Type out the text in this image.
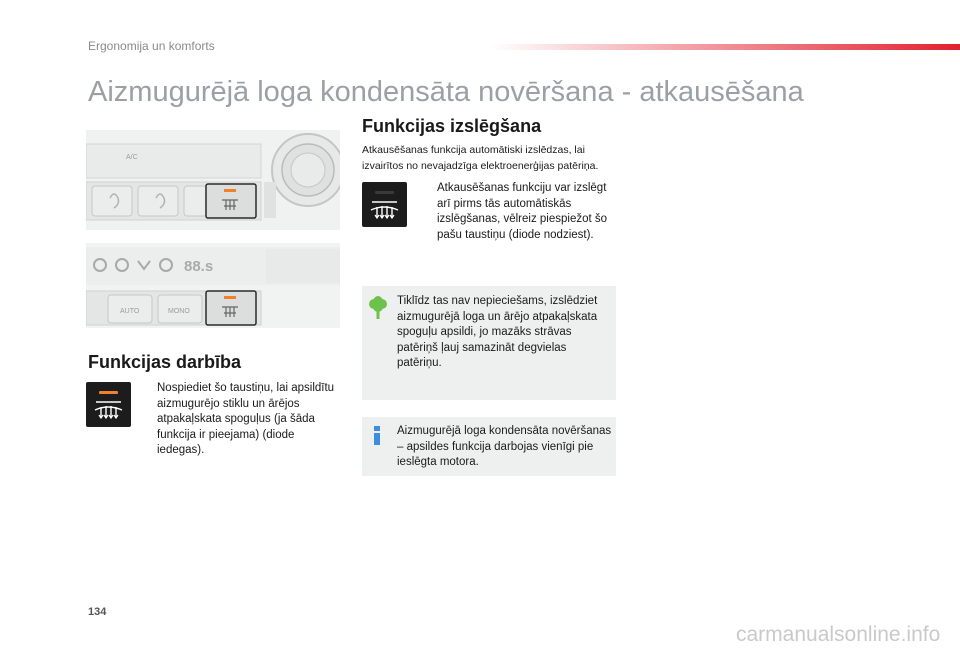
Ergonomija un komforts
Aizmugurējā loga kondensāta novēršana - atkausēšana
A/C
88.s
AUTO	MONO
Funkcijas darbība
Nospiediet šo taustiņu, lai apsildītu aizmugurējo stiklu un ārējos atpakaļskata spoguļus (ja šāda funkcija ir pieejama) (diode iedegas).
Funkcijas izslēgšana

Atkausēšanas funkcija automātiski izslēdzas, lai izvairītos no nevajadzīga elektroenerģijas patēriņa.

Atkausēšanas funkciju var izslēgt arī pirms tās automātiskās izslēgšanas, vēlreiz piespiežot šo pašu taustiņu (diode nodziest).
Tiklīdz tas nav nepieciešams, izslēdziet aizmugurējā loga un ārējo atpakaļskata spoguļu apsildi, jo mazāks strāvas patēriņš ļauj samazināt degvielas patēriņu.
Aizmugurējā loga kondensāta novēršanas – apsildes funkcija darbojas vienīgi pie ieslēgta motora.
134
carmanualsonline.info
